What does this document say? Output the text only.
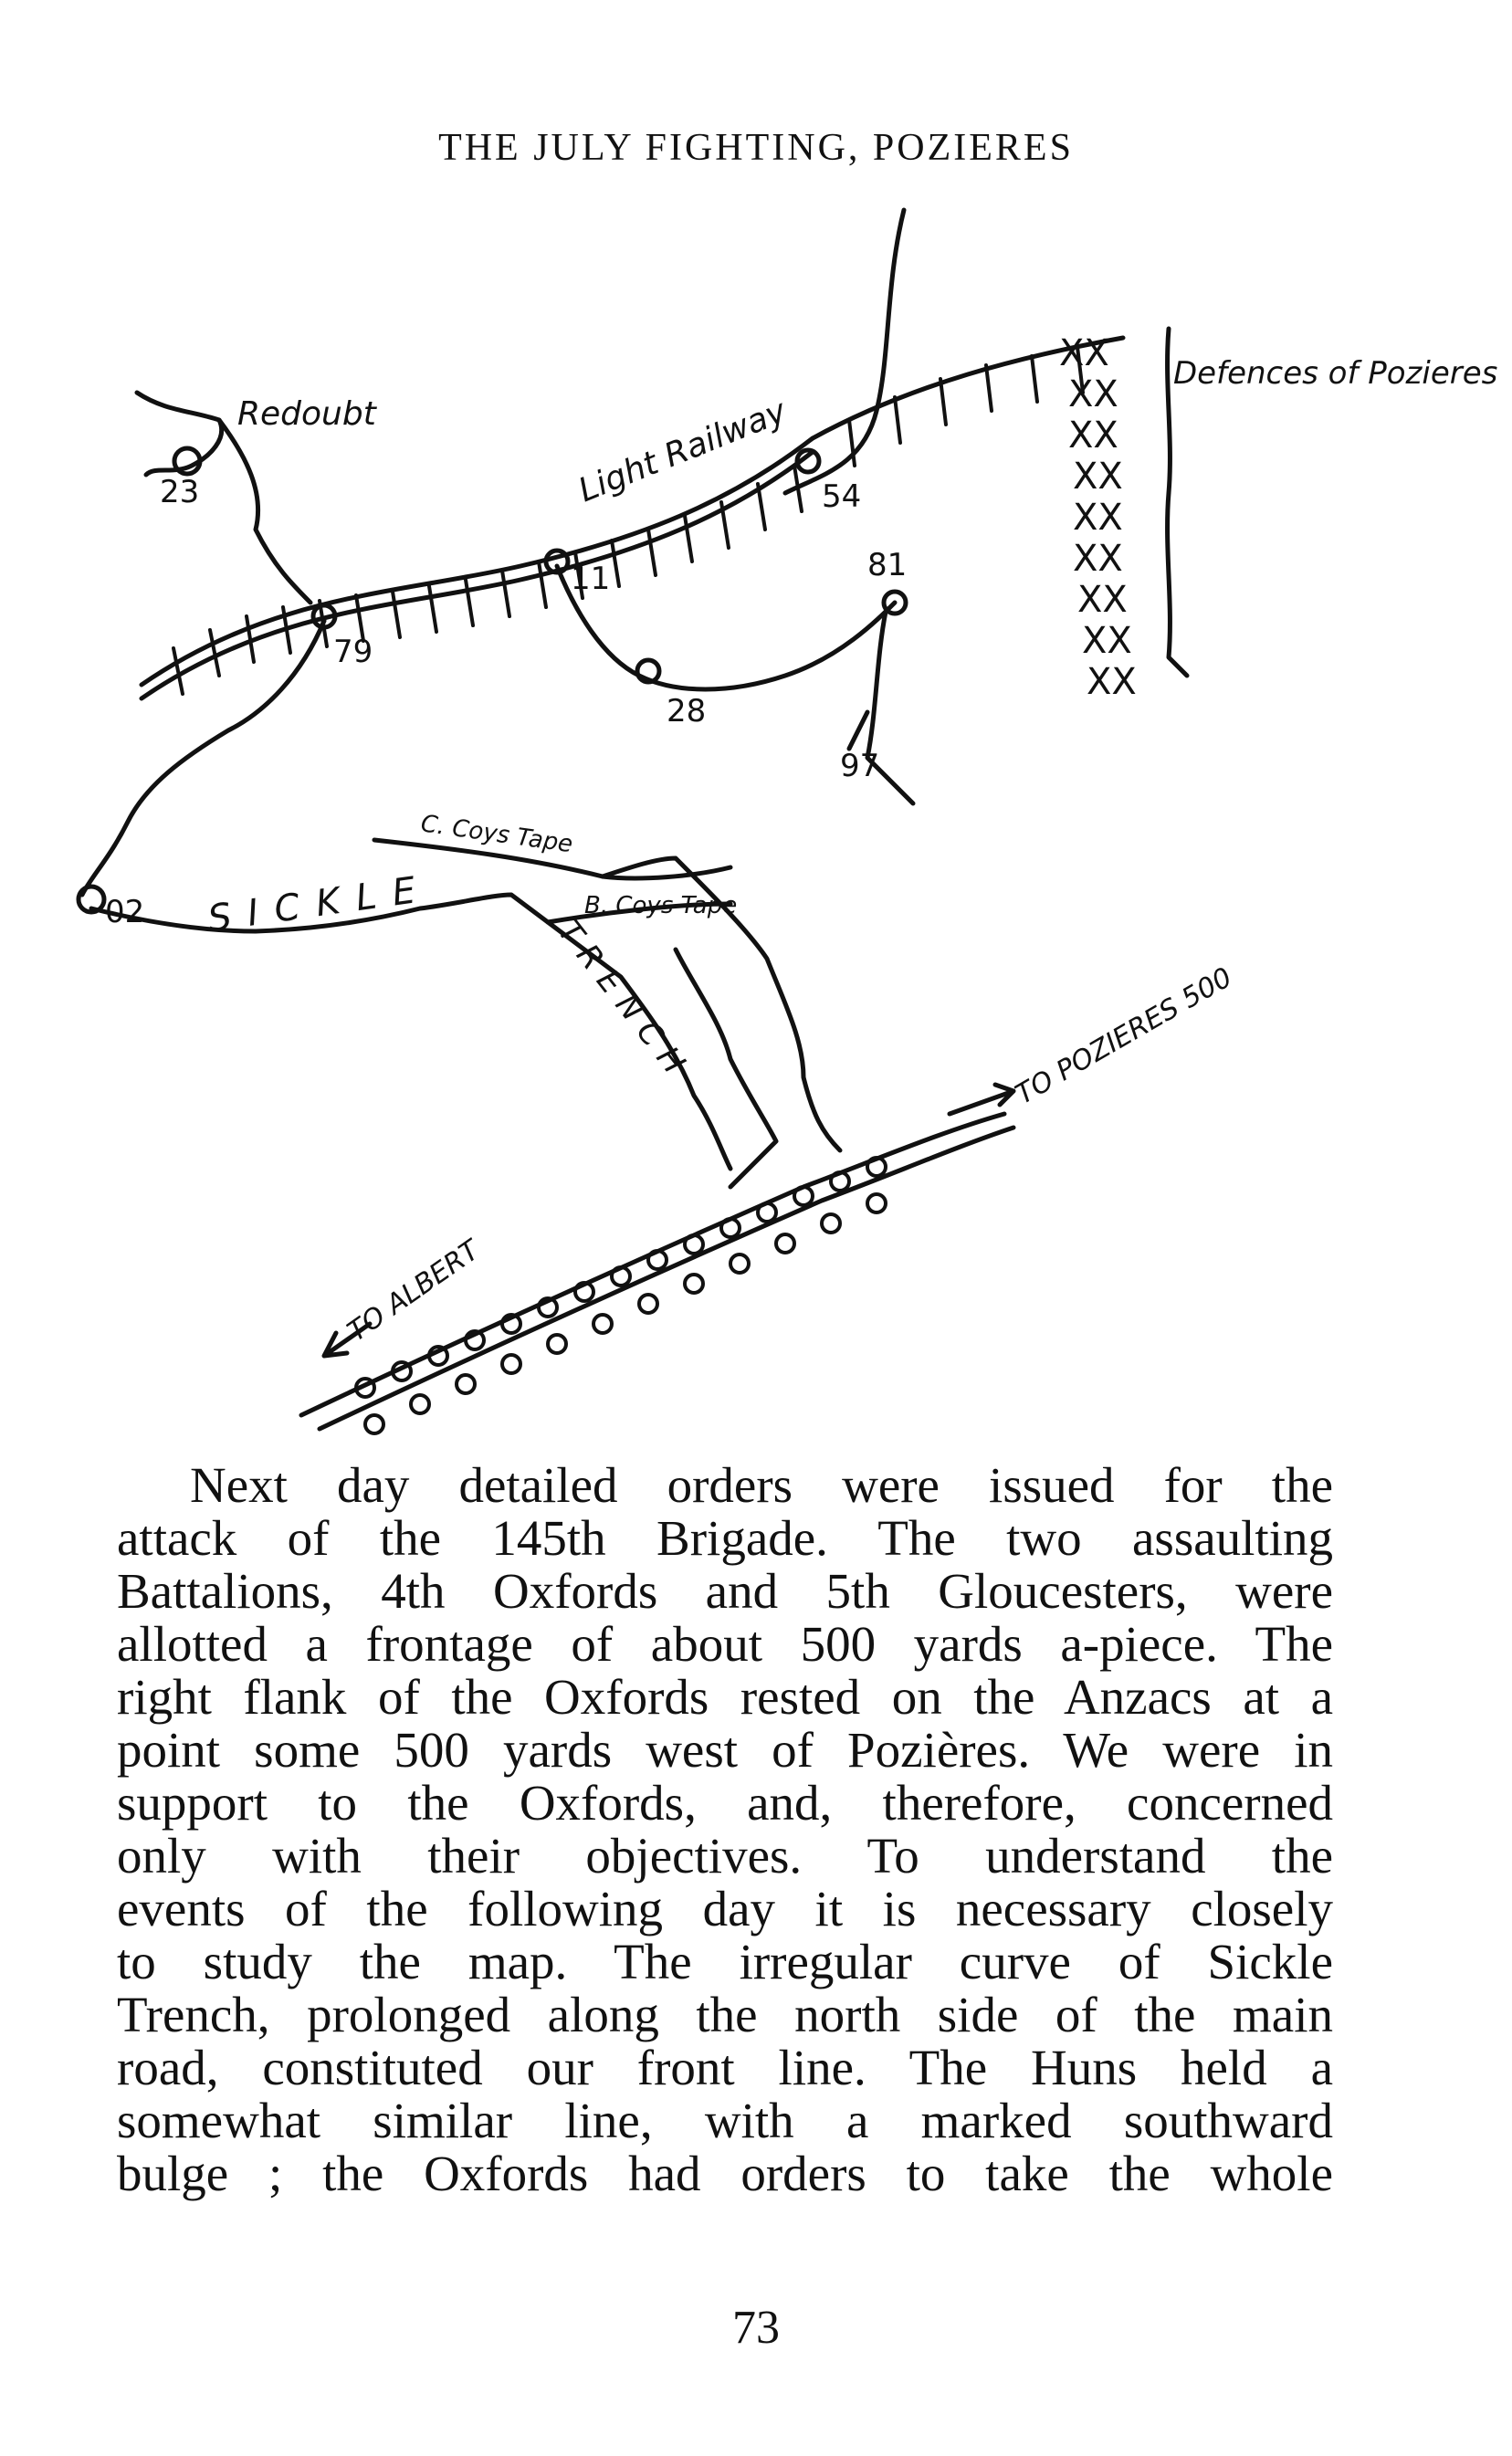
THE JULY FIGHTING, POZIERES
XX
XX
XX
XX
XX
XX
XX
XX
XX
Redoubt	Light Railway
Defences of Pozieres
C. Coys Tape
B. Coys Tape
SICKLE
TRENCH
TO ALBERT
TO POZIERES 500
23	54
81
11
79
28
97
02
Next day detailed orders were issued for the
attack of the 145th Brigade. The two assaulting
Battalions, 4th Oxfords and 5th Gloucesters, were
allotted a frontage of about 500 yards a-piece. The
right flank of the Oxfords rested on the Anzacs at a
point some 500 yards west of Pozières. We were in
support to the Oxfords, and, therefore, concerned
only with their objectives. To understand the
events of the following day it is necessary closely
to study the map. The irregular curve of Sickle
Trench, prolonged along the north side of the main
road, constituted our front line. The Huns held a
somewhat similar line, with a marked southward
bulge ; the Oxfords had orders to take the whole
73
